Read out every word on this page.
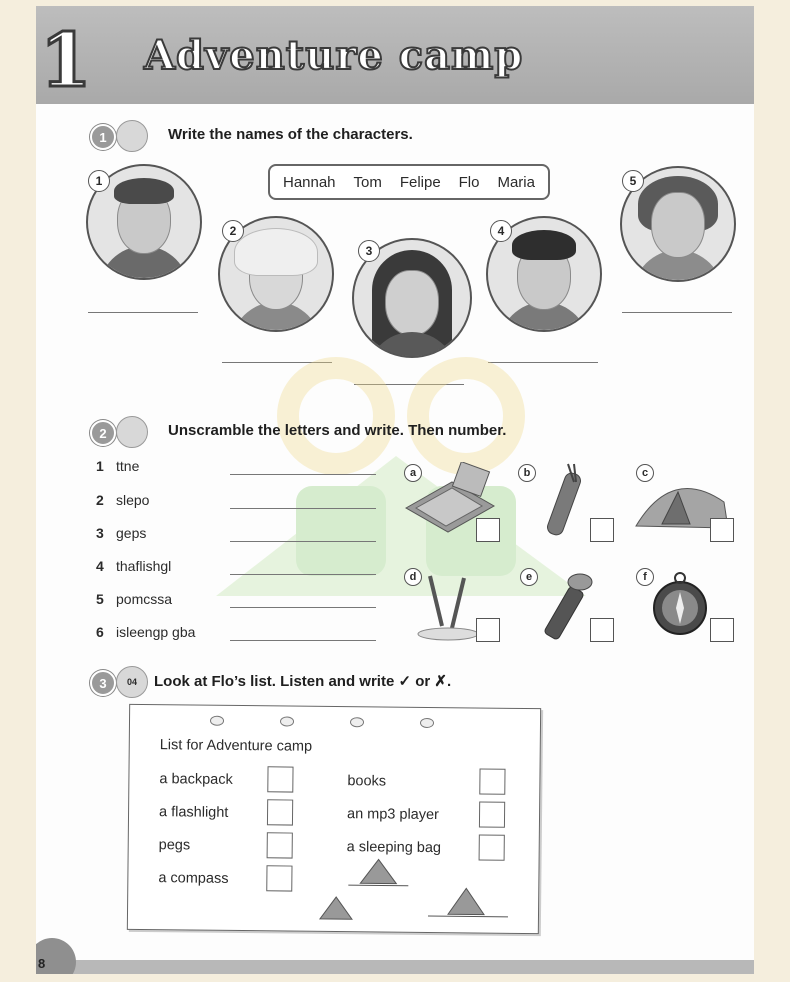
1 Adventure camp
1	Write the names of the characters.
Hannah Tom Felipe Flo Maria
1
2
3
4
5
2	Unscramble the letters and write. Then number.
1 ttne
2 slepo
3 geps
4 thaflishgl
5 pomcssa
6 isleengp gba
a	b	c
d	e	f
3	04	Look at Flo’s list. Listen and write ✓ or ✗.
List for Adventure camp
a backpack
a flashlight
pegs
a compass
books
an mp3 player
a sleeping bag
8
